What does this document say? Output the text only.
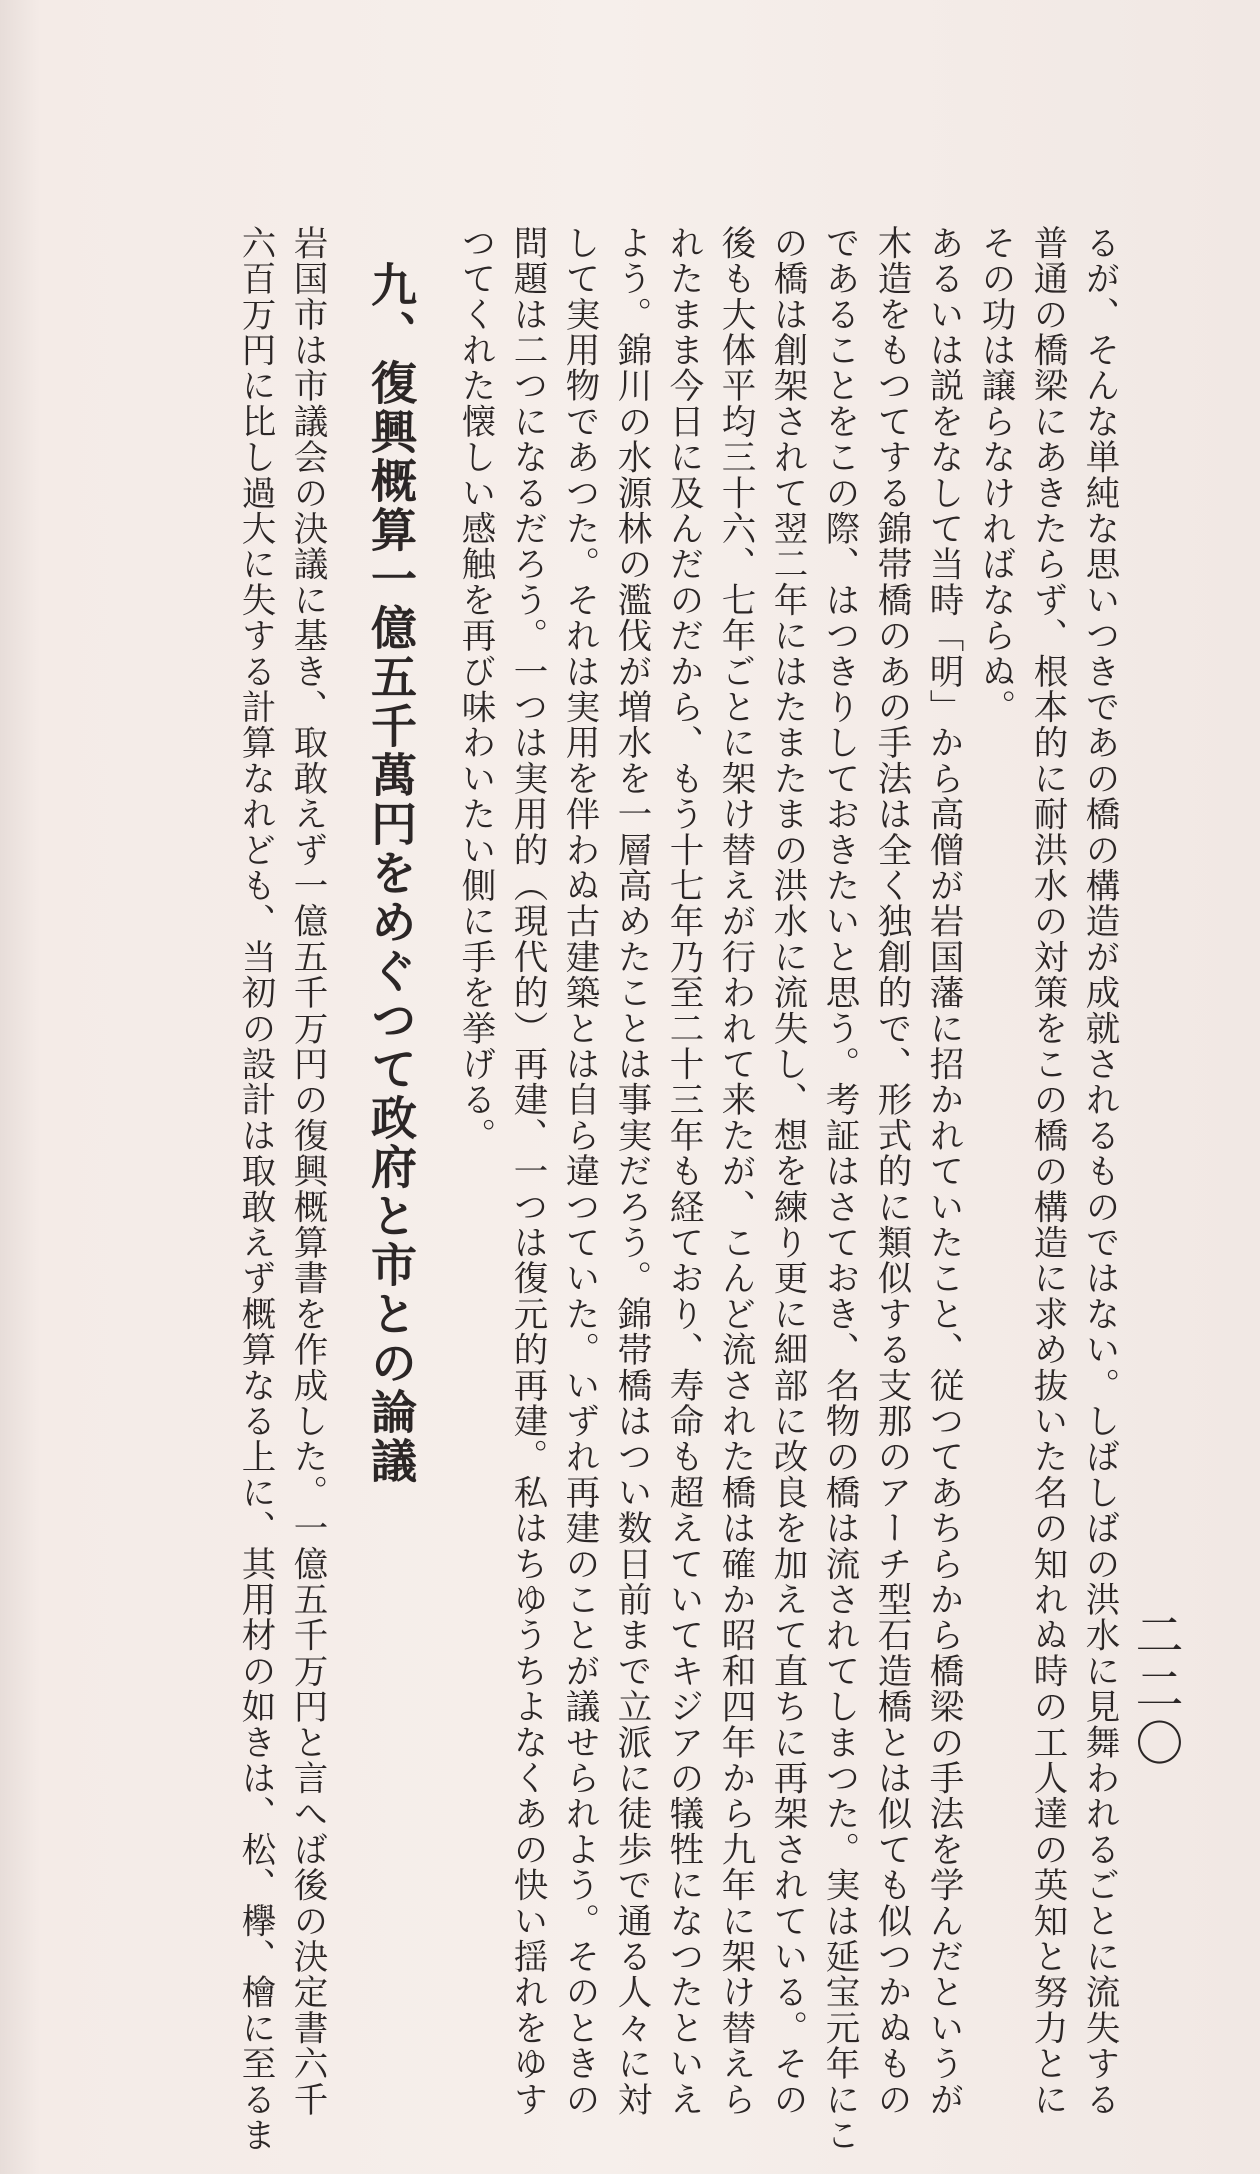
二二〇
るが、そんな単純な思いつきであの橋の構造が成就されるものではない。しばしばの洪水に見舞われるごとに流失する
普通の橋梁にあきたらず、根本的に耐洪水の対策をこの橋の構造に求め抜いた名の知れぬ時の工人達の英知と努力とに
その功は譲らなければならぬ。
あるいは説をなして当時「明」から高僧が岩国藩に招かれていたこと、従つてあちらから橋梁の手法を学んだというが
木造をもつてする錦帯橋のあの手法は全く独創的で、形式的に類似する支那のアーチ型石造橋とは似ても似つかぬもの
であることをこの際、はつきりしておきたいと思う。考証はさておき、名物の橋は流されてしまつた。実は延宝元年にこ
の橋は創架されて翌二年にはたまたまの洪水に流失し、想を練り更に細部に改良を加えて直ちに再架されている。その
後も大体平均三十六、七年ごとに架け替えが行われて来たが、こんど流された橋は確か昭和四年から九年に架け替えら
れたまま今日に及んだのだから、もう十七年乃至二十三年も経ており、寿命も超えていてキジアの犠牲になつたといえ
よう。錦川の水源林の濫伐が増水を一層高めたことは事実だろう。錦帯橋はつい数日前まで立派に徒歩で通る人々に対
して実用物であつた。それは実用を伴わぬ古建築とは自ら違つていた。いずれ再建のことが議せられよう。そのときの
問題は二つになるだろう。一つは実用的（現代的）再建、一つは復元的再建。私はちゆうちよなくあの快い揺れをゆす
つてくれた懐しい感触を再び味わいたい側に手を挙げる。
九、復興概算一億五千萬円をめぐつて政府と市との論議
岩国市は市議会の決議に基き、取敢えず一億五千万円の復興概算書を作成した。一億五千万円と言へば後の決定書六千
六百万円に比し過大に失する計算なれども、当初の設計は取敢えず概算なる上に、其用材の如きは、松、欅、檜に至るま
